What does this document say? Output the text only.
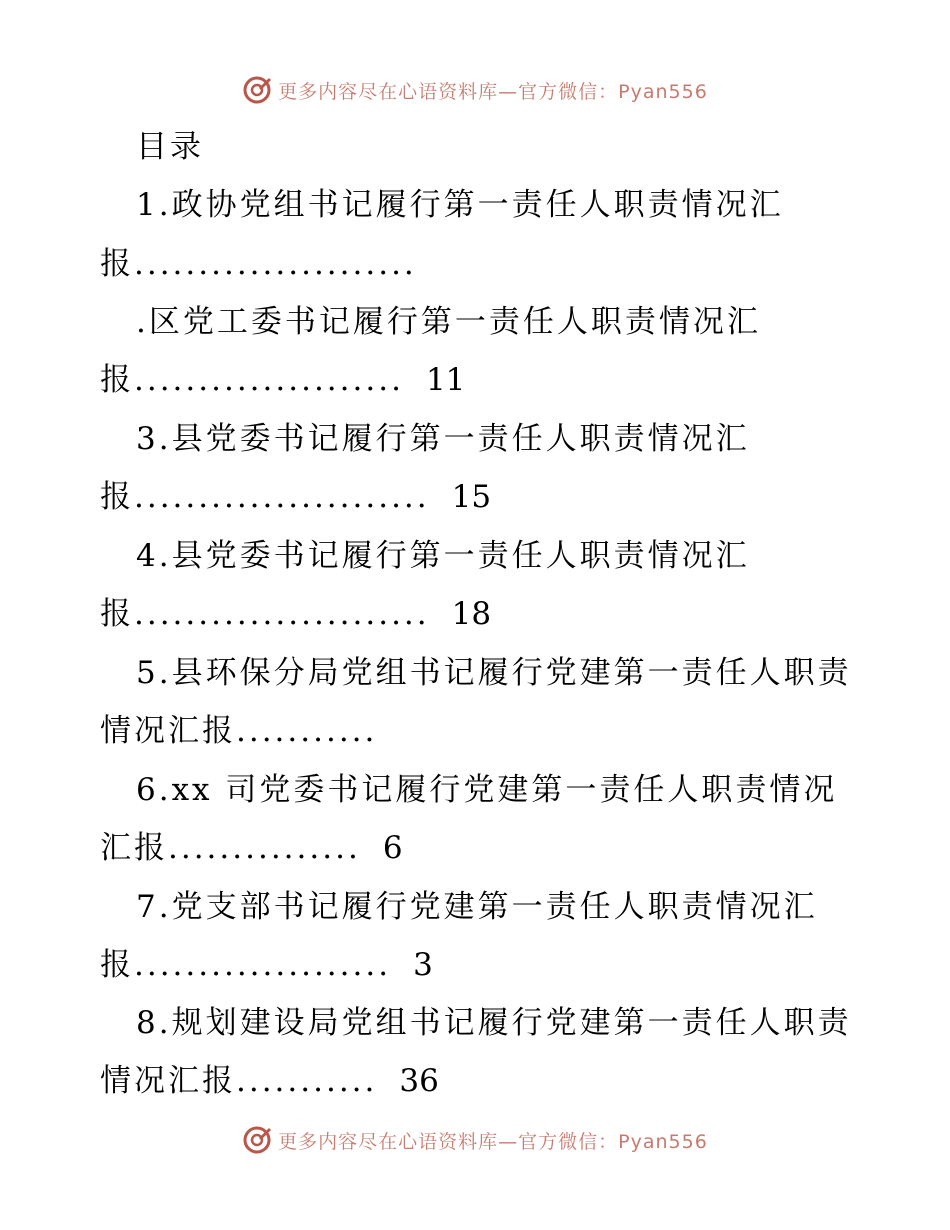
更多内容尽在心语资料库—官方微信：Pyan556
目录
1.政协党组书记履行第一责任人职责情况汇
报......................
.区党工委书记履行第一责任人职责情况汇
报..................... 11
3.县党委书记履行第一责任人职责情况汇
报....................... 15
4.县党委书记履行第一责任人职责情况汇
报....................... 18
5.县环保分局党组书记履行党建第一责任人职责
情况汇报...........
6.xx 司党委书记履行党建第一责任人职责情况
汇报............... 6
7.党支部书记履行党建第一责任人职责情况汇
报.................... 3
8.规划建设局党组书记履行党建第一责任人职责
情况汇报........... 36
更多内容尽在心语资料库—官方微信：Pyan556
